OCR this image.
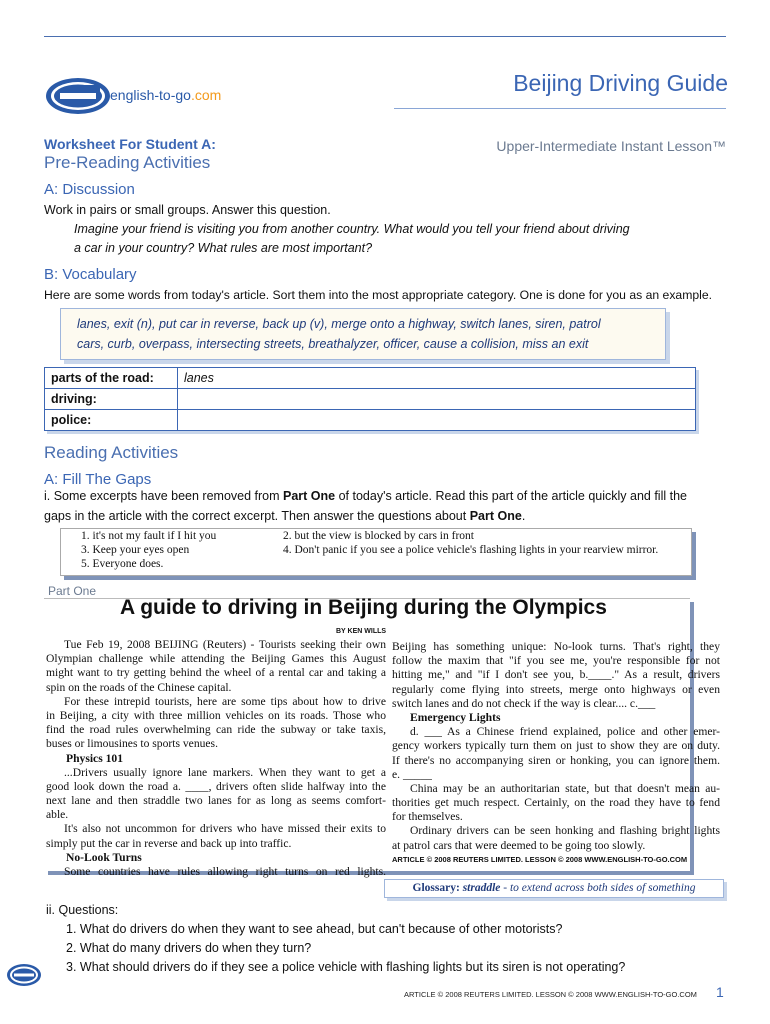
english-to-go.com	Beijing Driving Guide
Worksheet For Student A:	Upper-Intermediate Instant Lesson™
Pre-Reading Activities
A: Discussion
Work in pairs or small groups. Answer this question.
Imagine your friend is visiting you from another country. What would you tell your friend about driving
a car in your country? What rules are most important?
B: Vocabulary
Here are some words from today's article. Sort them into the most appropriate category. One is done for you as an example.
lanes, exit (n), put car in reverse, back up (v), merge onto a highway, switch lanes, siren, patrol
cars, curb, overpass, intersecting streets, breathalyzer, officer, cause a collision, miss an exit
parts of the road:	lanes
driving:	
police:	
Reading Activities
A: Fill The Gaps
i. Some excerpts have been removed from Part One of today's article. Read this part of the article quickly and fill the
gaps in the article with the correct excerpt. Then answer the questions about Part One.
1. it's not my fault if I hit you	2. but the view is blocked by cars in front
3. Keep your eyes open	4. Don't panic if you see a police vehicle's flashing lights in your rearview mirror.
5. Everyone does.
Part One
A guide to driving in Beijing during the Olympics
BY KEN WILLS
Tue Feb 19, 2008 BEIJING (Reuters) - Tourists seeking their own
Olympian challenge while attending the Beijing Games this August
might want to try getting behind the wheel of a rental car and taking a
spin on the roads of the Chinese capital.
For these intrepid tourists, here are some tips about how to drive
in Beijing, a city with three million vehicles on its roads. Those who
find the road rules overwhelming can ride the subway or take taxis,
buses or limousines to sports venues.
Physics 101
...Drivers usually ignore lane markers. When they want to get a
good look down the road a. ____, drivers often slide halfway into the
next lane and then straddle two lanes for as long as seems comfort-
able.
It's also not uncommon for drivers who have missed their exits to
simply put the car in reverse and back up into traffic.
No-Look Turns
Some countries have rules allowing right turns on red lights.
Beijing has something unique: No-look turns. That's right, they
follow the maxim that "if you see me, you're responsible for not
hitting me," and "if I don't see you, b.____." As a result, drivers
regularly come flying into streets, merge onto highways or even
switch lanes and do not check if the way is clear.... c.___
Emergency Lights
d. ___ As a Chinese friend explained, police and other emer-
gency workers typically turn them on just to show they are on duty.
If there's no accompanying siren or honking, you can ignore them.
e. _____
China may be an authoritarian state, but that doesn't mean au-
thorities get much respect. Certainly, on the road they have to fend
for themselves.
Ordinary drivers can be seen honking and flashing bright lights
at patrol cars that were deemed to be going too slowly.
ARTICLE © 2008 REUTERS LIMITED. LESSON © 2008 WWW.ENGLISH-TO-GO.COM
Glossary: straddle - to extend across both sides of something
ii. Questions:
1. What do drivers do when they want to see ahead, but can't because of other motorists?
2. What do many drivers do when they turn?
3. What should drivers do if they see a police vehicle with flashing lights but its siren is not operating?
ARTICLE © 2008 REUTERS LIMITED. LESSON © 2008 WWW.ENGLISH-TO-GO.COM 1
